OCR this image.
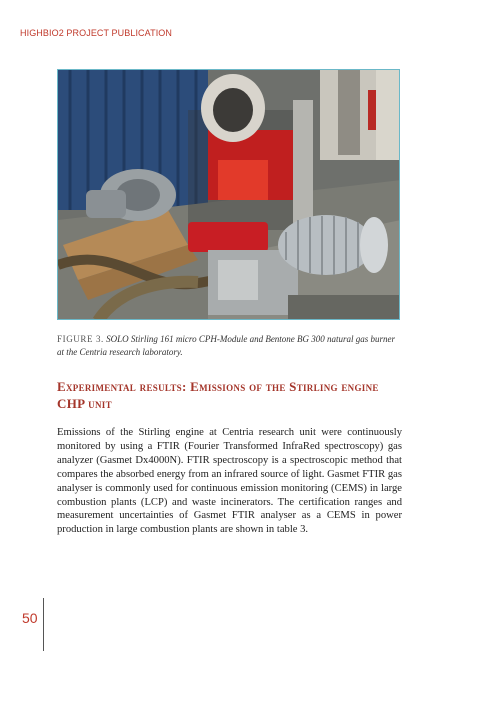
HIGHBIO2 PROJECT PUBLICATION
FIGURE 3. SOLO Stirling 161 micro CPH-Module and Bentone BG 300 natural gas burner at the Centria research laboratory.
Experimental results: Emissions of the Stirling engine CHP unit
Emissions of the Stirling engine at Centria research unit were continuously monitored by using a FTIR (Fourier Transformed InfraRed spectroscopy) gas analyzer (Gasmet Dx4000N). FTIR spectroscopy is a spectroscopic method that compares the absorbed energy from an infrared source of light. Gasmet FTIR gas analyser is commonly used for continuous emission monitoring (CEMS) in large combustion plants (LCP) and waste incinerators. The certification ranges and measurement uncertainties of Gasmet FTIR analyser as a CEMS in power production in large combustion plants are shown in table 3.
50
